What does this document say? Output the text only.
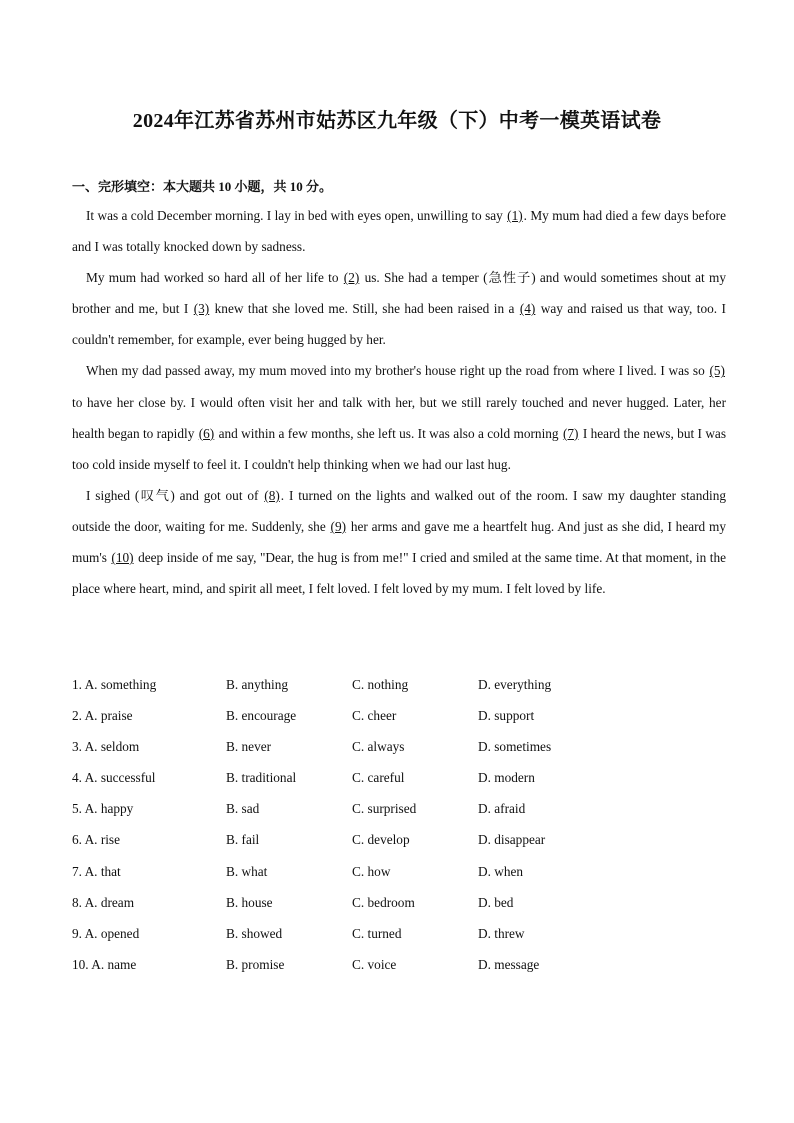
2024年江苏省苏州市姑苏区九年级（下）中考一模英语试卷
一、完形填空：本大题共 10 小题，共 10 分。

It was a cold December morning. I lay in bed with eyes open, unwilling to say (1). My mum had died a few days before and I was totally knocked down by sadness.

My mum had worked so hard all of her life to (2) us. She had a temper (急性子) and would sometimes shout at my brother and me, but I (3) knew that she loved me. Still, she had been raised in a (4) way and raised us that way, too. I couldn't remember, for example, ever being hugged by her.

When my dad passed away, my mum moved into my brother's house right up the road from where I lived. I was so (5) to have her close by. I would often visit her and talk with her, but we still rarely touched and never hugged. Later, her health began to rapidly (6) and within a few months, she left us. It was also a cold morning (7) I heard the news, but I was too cold inside myself to feel it. I couldn't help thinking when we had our last hug.

I sighed (叹气) and got out of (8). I turned on the lights and walked out of the room. I saw my daughter standing outside the door, waiting for me. Suddenly, she (9) her arms and gave me a heartfelt hug. And just as she did, I heard my mum's (10) deep inside of me say, "Dear, the hug is from me!" I cried and smiled at the same time. At that moment, in the place where heart, mind, and spirit all meet, I felt loved. I felt loved by my mum. I felt loved by life.

1. A. something	B. anything	C. nothing	D. everything
2. A. praise	B. encourage	C. cheer	D. support
3. A. seldom	B. never	C. always	D. sometimes
4. A. successful	B. traditional	C. careful	D. modern
5. A. happy	B. sad	C. surprised	D. afraid
6. A. rise	B. fail	C. develop	D. disappear
7. A. that	B. what	C. how	D. when
8. A. dream	B. house	C. bedroom	D. bed
9. A. opened	B. showed	C. turned	D. threw
10. A. name	B. promise	C. voice	D. message
